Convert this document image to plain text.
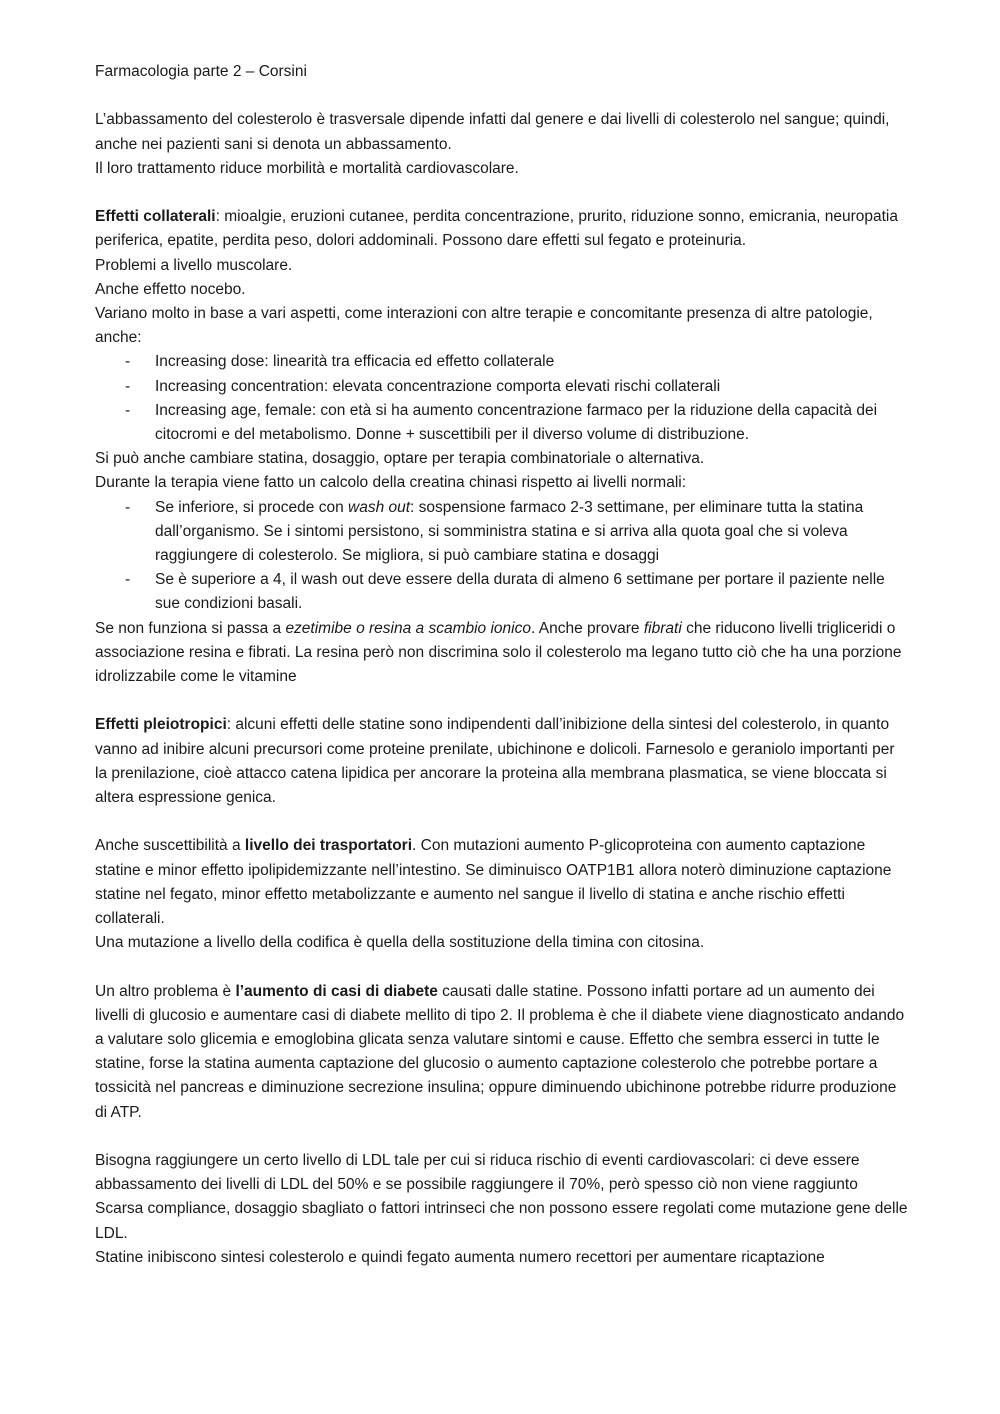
Farmacologia parte 2 – Corsini

L’abbassamento del colesterolo è trasversale dipende infatti dal genere e dai livelli di colesterolo nel sangue; quindi, anche nei pazienti sani si denota un abbassamento.

Il loro trattamento riduce morbilità e mortalità cardiovascolare.

Effetti collaterali: mioalgie, eruzioni cutanee, perdita concentrazione, prurito, riduzione sonno, emicrania, neuropatia periferica, epatite, perdita peso, dolori addominali. Possono dare effetti sul fegato e proteinuria.

Problemi a livello muscolare.

Anche effetto nocebo.

Variano molto in base a vari aspetti, come interazioni con altre terapie e concomitante presenza di altre patologie, anche:

- Increasing dose: linearità tra efficacia ed effetto collaterale
- Increasing concentration: elevata concentrazione comporta elevati rischi collaterali
- Increasing age, female: con età si ha aumento concentrazione farmaco per la riduzione della capacità dei citocromi e del metabolismo. Donne + suscettibili per il diverso volume di distribuzione.

Si può anche cambiare statina, dosaggio, optare per terapia combinatoriale o alternativa.

Durante la terapia viene fatto un calcolo della creatina chinasi rispetto ai livelli normali:

- Se inferiore, si procede con wash out: sospensione farmaco 2-3 settimane, per eliminare tutta la statina dall’organismo. Se i sintomi persistono, si somministra statina e si arriva alla quota goal che si voleva raggiungere di colesterolo. Se migliora, si può cambiare statina e dosaggi
- Se è superiore a 4, il wash out deve essere della durata di almeno 6 settimane per portare il paziente nelle sue condizioni basali.

Se non funziona si passa a ezetimibe o resina a scambio ionico. Anche provare fibrati che riducono livelli trigliceridi o associazione resina e fibrati. La resina però non discrimina solo il colesterolo ma legano tutto ciò che ha una porzione idrolizzabile come le vitamine

Effetti pleiotropici: alcuni effetti delle statine sono indipendenti dall’inibizione della sintesi del colesterolo, in quanto vanno ad inibire alcuni precursori come proteine prenilate, ubichinone e dolicoli. Farnesolo e geraniolo importanti per la prenilazione, cioè attacco catena lipidica per ancorare la proteina alla membrana plasmatica, se viene bloccata si altera espressione genica.

Anche suscettibilità a livello dei trasportatori. Con mutazioni aumento P-glicoproteina con aumento captazione statine e minor effetto ipolipidemizzante nell’intestino. Se diminuisco OATP1B1 allora noterò diminuzione captazione statine nel fegato, minor effetto metabolizzante e aumento nel sangue il livello di statina e anche rischio effetti collaterali.

Una mutazione a livello della codifica è quella della sostituzione della timina con citosina.

Un altro problema è l’aumento di casi di diabete causati dalle statine. Possono infatti portare ad un aumento dei livelli di glucosio e aumentare casi di diabete mellito di tipo 2. Il problema è che il diabete viene diagnosticato andando a valutare solo glicemia e emoglobina glicata senza valutare sintomi e cause. Effetto che sembra esserci in tutte le statine, forse la statina aumenta captazione del glucosio o aumento captazione colesterolo che potrebbe portare a tossicità nel pancreas e diminuzione secrezione insulina; oppure diminuendo ubichinone potrebbe ridurre produzione di ATP.

Bisogna raggiungere un certo livello di LDL tale per cui si riduca rischio di eventi cardiovascolari: ci deve essere abbassamento dei livelli di LDL del 50% e se possibile raggiungere il 70%, però spesso ciò non viene raggiunto

Scarsa compliance, dosaggio sbagliato o fattori intrinseci che non possono essere regolati come mutazione gene delle LDL.

Statine inibiscono sintesi colesterolo e quindi fegato aumenta numero recettori per aumentare ricaptazione
